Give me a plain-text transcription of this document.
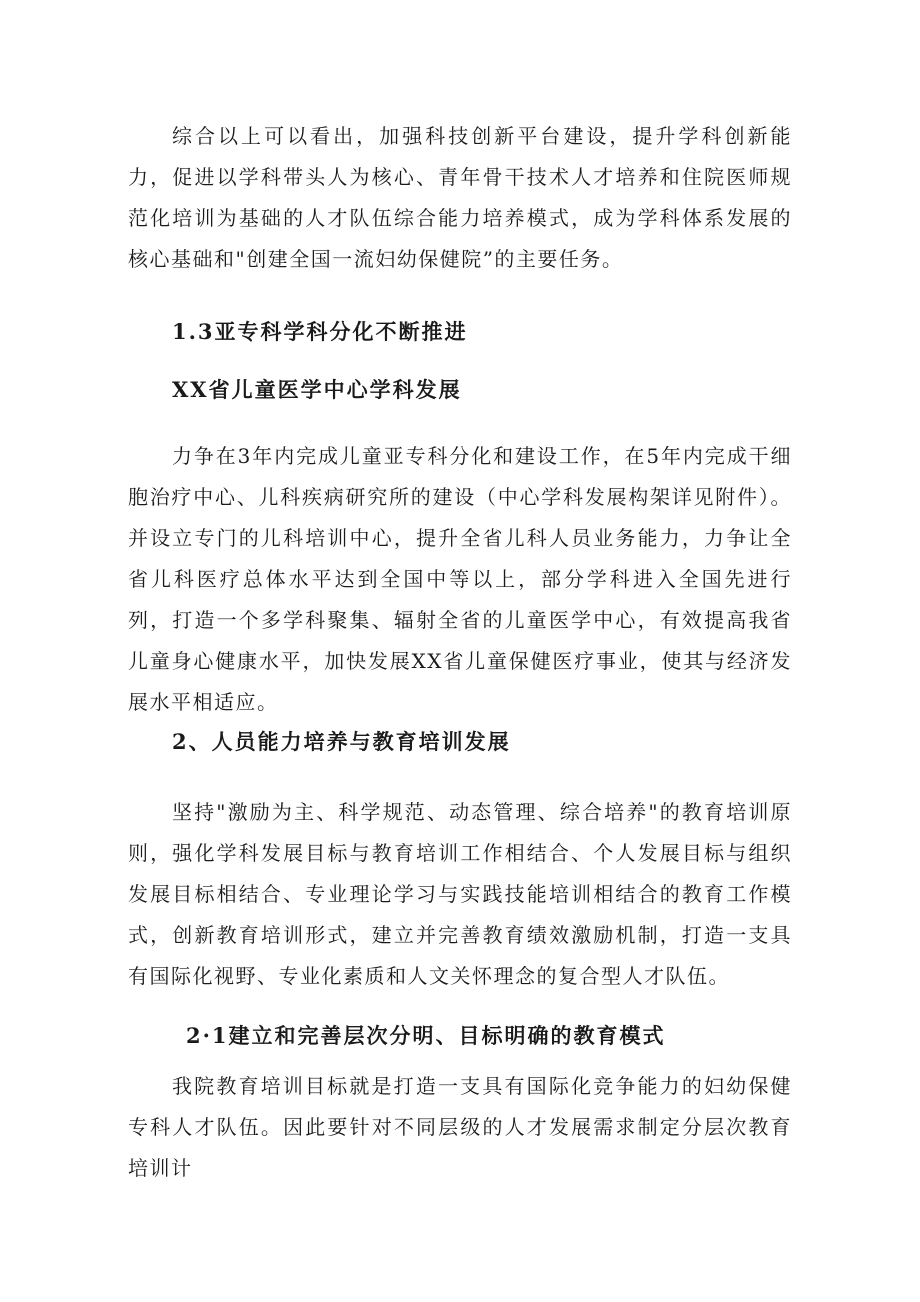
综合以上可以看出，加强科技创新平台建设，提升学科创新能力，促进以学科带头人为核心、青年骨干技术人才培养和住院医师规范化培训为基础的人才队伍综合能力培养模式，成为学科体系发展的核心基础和"创建全国一流妇幼保健院”的主要任务。

1.3亚专科学科分化不断推进
XX省儿童医学中心学科发展

力争在3年内完成儿童亚专科分化和建设工作，在5年内完成干细胞治疗中心、儿科疾病研究所的建设（中心学科发展构架详见附件）。并设立专门的儿科培训中心，提升全省儿科人员业务能力，力争让全省儿科医疗总体水平达到全国中等以上，部分学科进入全国先进行列，打造一个多学科聚集、辐射全省的儿童医学中心，有效提高我省儿童身心健康水平，加快发展XX省儿童保健医疗事业，使其与经济发展水平相适应。

2、人员能力培养与教育培训发展

坚持"激励为主、科学规范、动态管理、综合培养"的教育培训原则，强化学科发展目标与教育培训工作相结合、个人发展目标与组织发展目标相结合、专业理论学习与实践技能培训相结合的教育工作模式，创新教育培训形式，建立并完善教育绩效激励机制，打造一支具有国际化视野、专业化素质和人文关怀理念的复合型人才队伍。

2·1建立和完善层次分明、目标明确的教育模式

我院教育培训目标就是打造一支具有国际化竞争能力的妇幼保健专科人才队伍。因此要针对不同层级的人才发展需求制定分层次教育培训计
